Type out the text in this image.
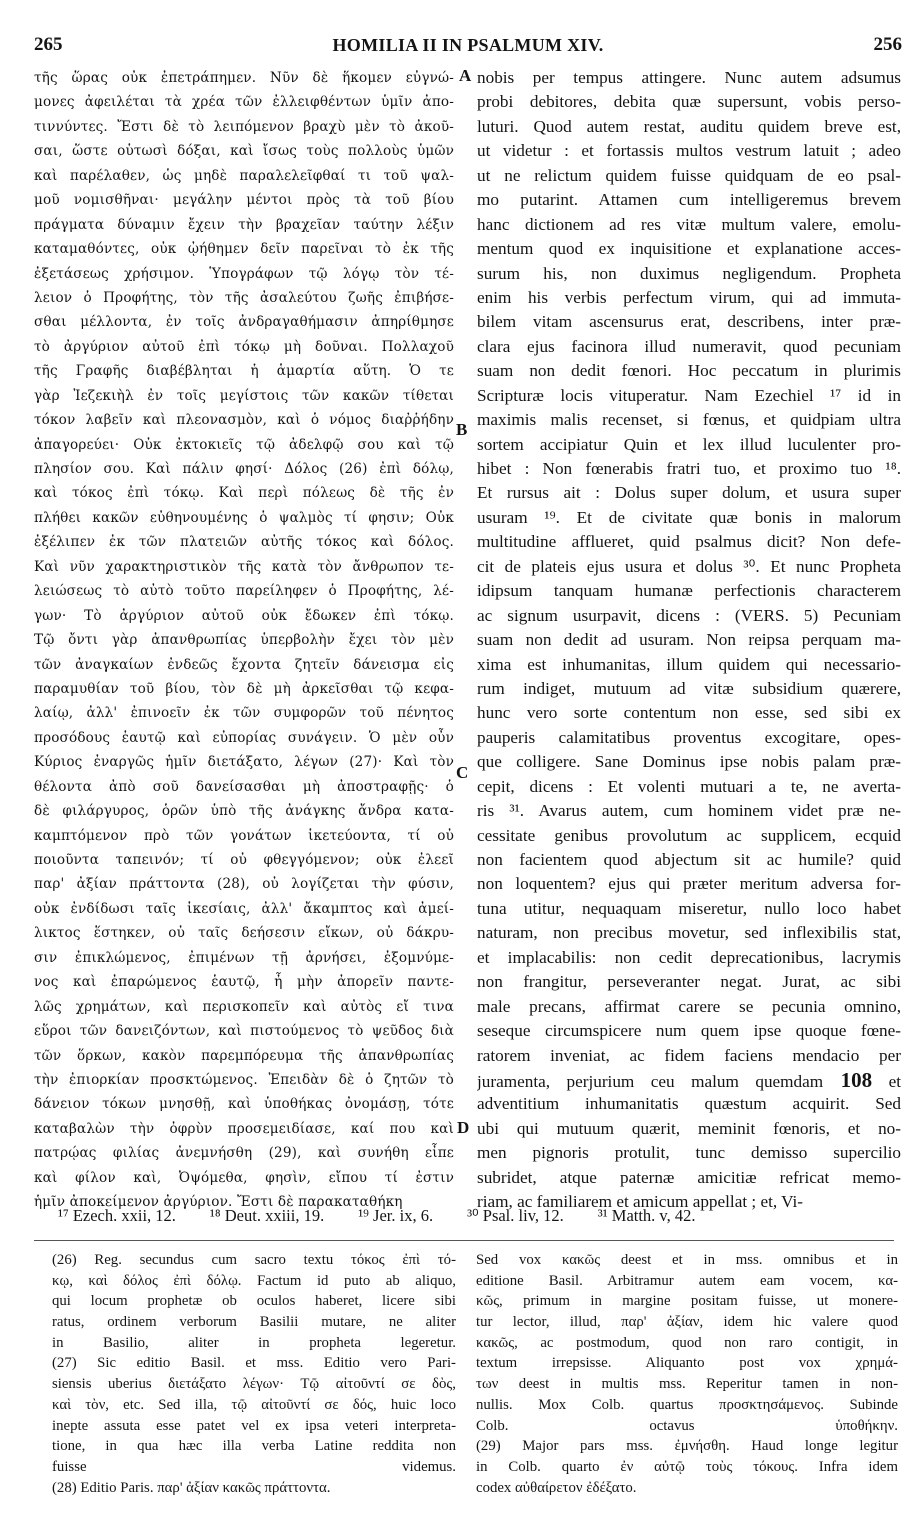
265	HOMILIA II IN PSALMUM XIV.	256
τῆς ὥρας οὐκ ἐπετράπημεν. Νῦν δὲ ἥκομεν εὐγνώ-
μονες ἀφειλέται τὰ χρέα τῶν ἐλλειφθέντων ὑμῖν ἀπο-
τιννύντες. Ἔστι δὲ τὸ λειπόμενον βραχὺ μὲν τὸ ἀκοῦ-
σαι, ὥστε οὑτωσὶ δόξαι, καὶ ἴσως τοὺς πολλοὺς ὑμῶν
καὶ παρέλαθεν, ὡς μηδὲ παραλελεῖφθαί τι τοῦ ψαλ-
μοῦ νομισθῆναι· μεγάλην μέντοι πρὸς τὰ τοῦ βίου
πράγματα δύναμιν ἔχειν τὴν βραχεῖαν ταύτην λέξιν
καταμαθόντες, οὐκ ᾠήθημεν δεῖν παρεῖναι τὸ ἐκ τῆς
ἐξετάσεως χρήσιμον. Ὑπογράφων τῷ λόγῳ τὸν τέ-
λειον ὁ Προφήτης, τὸν τῆς ἀσαλεύτου ζωῆς ἐπιβήσε-
σθαι μέλλοντα, ἐν τοῖς ἀνδραγαθήμασιν ἀπηρίθμησε
τὸ ἀργύριον αὐτοῦ ἐπὶ τόκῳ μὴ δοῦναι. Πολλαχοῦ
τῆς Γραφῆς διαβέβληται ἡ ἁμαρτία αὕτη. Ὁ τε
γὰρ Ἰεζεκιὴλ ἐν τοῖς μεγίστοις τῶν κακῶν τίθεται
τόκον λαβεῖν καὶ πλεονασμὸν, καὶ ὁ νόμος διαῤῥήδην
ἀπαγορεύει· Οὐκ ἐκτοκιεῖς τῷ ἀδελφῷ σου καὶ τῷ
πλησίον σου. Καὶ πάλιν φησί· Δόλος (26) ἐπὶ δόλῳ,
καὶ τόκος ἐπὶ τόκῳ. Καὶ περὶ πόλεως δὲ τῆς ἐν
πλήθει κακῶν εὐθηνουμένης ὁ ψαλμὸς τί φησιν; Οὐκ
ἐξέλιπεν ἐκ τῶν πλατειῶν αὐτῆς τόκος καὶ δόλος.
Καὶ νῦν χαρακτηριστικὸν τῆς κατὰ τὸν ἄνθρωπον τε-
λειώσεως τὸ αὐτὸ τοῦτο παρείληφεν ὁ Προφήτης, λέ-
γων· Τὸ ἀργύριον αὐτοῦ οὐκ ἔδωκεν ἐπὶ τόκῳ.
Τῷ ὄντι γὰρ ἀπανθρωπίας ὑπερβολὴν ἔχει τὸν μὲν
τῶν ἀναγκαίων ἐνδεῶς ἔχοντα ζητεῖν δάνεισμα εἰς
παραμυθίαν τοῦ βίου, τὸν δὲ μὴ ἀρκεῖσθαι τῷ κεφα-
λαίῳ, ἀλλ' ἐπινοεῖν ἐκ τῶν συμφορῶν τοῦ πένητος
προσόδους ἑαυτῷ καὶ εὐπορίας συνάγειν. Ὁ μὲν οὖν
Κύριος ἐναργῶς ἡμῖν διετάξατο, λέγων (27)· Καὶ τὸν
θέλοντα ἀπὸ σοῦ δανείσασθαι μὴ ἀποστραφῇς· ὁ
δὲ φιλάργυρος, ὁρῶν ὑπὸ τῆς ἀνάγκης ἄνδρα κατα-
καμπτόμενον πρὸ τῶν γονάτων ἱκετεύοντα, τί οὐ
ποιοῦντα ταπεινόν; τί οὐ φθεγγόμενον; οὐκ ἐλεεῖ
παρ' ἀξίαν πράττοντα (28), οὐ λογίζεται τὴν φύσιν,
οὐκ ἐνδίδωσι ταῖς ἱκεσίαις, ἀλλ' ἄκαμπτος καὶ ἀμεί-
λικτος ἕστηκεν, οὐ ταῖς δεήσεσιν εἴκων, οὐ δάκρυ-
σιν ἐπικλώμενος, ἐπιμένων τῇ ἀρνήσει, ἐξομνύμε-
νος καὶ ἐπαρώμενος ἑαυτῷ, ἦ μὴν ἀπορεῖν παντε-
λῶς χρημάτων, καὶ περισκοπεῖν καὶ αὐτὸς εἴ τινα
εὕροι τῶν δανειζόντων, καὶ πιστούμενος τὸ ψεῦδος διὰ
τῶν ὅρκων, κακὸν παρεμπόρευμα τῆς ἀπανθρωπίας
τὴν ἐπιορκίαν προσκτώμενος. Ἐπειδὰν δὲ ὁ ζητῶν τὸ
δάνειον τόκων μνησθῇ, καὶ ὑποθήκας ὀνομάσῃ, τότε
καταβαλὼν τὴν ὀφρὺν προσεμειδίασε, καί που καὶ
πατρῴας φιλίας ἀνεμνήσθη (29), καὶ συνήθη εἶπε
καὶ φίλον καὶ, Ὀψόμεθα, φησὶν, εἴπου τί ἐστιν
ἡμῖν ἀποκείμενον ἀργύριον. Ἔστι δὲ παρακαταθήκη
nobis per tempus attingere. Nunc autem adsumus
probi debitores, debita quæ supersunt, vobis perso-
luturi. Quod autem restat, auditu quidem breve est,
ut videtur : et fortassis multos vestrum latuit ; adeo
ut ne relictum quidem fuisse quidquam de eo psal-
mo putarint. Attamen cum intelligeremus brevem
hanc dictionem ad res vitæ multum valere, emolu-
mentum quod ex inquisitione et explanatione acces-
surum his, non duximus negligendum. Propheta
enim his verbis perfectum virum, qui ad immuta-
bilem vitam ascensurus erat, describens, inter præ-
clara ejus facinora illud numeravit, quod pecuniam
suam non dedit fœnori. Hoc peccatum in plurimis
Scripturæ locis vituperatur. Nam Ezechiel ¹⁷ id in
maximis malis recenset, si fœnus, et quidpiam ultra
sortem accipiatur Quin et lex illud luculenter pro-
hibet : Non fœnerabis fratri tuo, et proximo tuo ¹⁸.
Et rursus ait : Dolus super dolum, et usura super
usuram ¹⁹. Et de civitate quæ bonis in malorum
multitudine afflueret, quid psalmus dicit? Non defe-
cit de plateis ejus usura et dolus ³⁰. Et nunc Propheta
idipsum tanquam humanæ perfectionis characterem
ac signum usurpavit, dicens : (VERS. 5) Pecuniam
suam non dedit ad usuram. Non reipsa perquam ma-
xima est inhumanitas, illum quidem qui necessario-
rum indiget, mutuum ad vitæ subsidium quærere,
hunc vero sorte contentum non esse, sed sibi ex
pauperis calamitatibus proventus excogitare, opes-
que colligere. Sane Dominus ipse nobis palam præ-
cepit, dicens : Et volenti mutuari a te, ne averta-
ris ³¹. Avarus autem, cum hominem videt præ ne-
cessitate genibus provolutum ac supplicem, ecquid
non facientem quod abjectum sit ac humile? quid
non loquentem? ejus qui præter meritum adversa for-
tuna utitur, nequaquam miseretur, nullo loco habet
naturam, non precibus movetur, sed inflexibilis stat,
et implacabilis: non cedit deprecationibus, lacrymis
non frangitur, perseveranter negat. Jurat, ac sibi
male precans, affirmat carere se pecunia omnino,
seseque circumspicere num quem ipse quoque fœne-
ratorem inveniat, ac fidem faciens mendacio per
juramenta, perjurium ceu malum quemdam 108 et
adventitium inhumanitatis quæstum acquirit. Sed
ubi qui mutuum quærit, meminit fœnoris, et no-
men pignoris protulit, tunc demisso supercilio
subridet, atque paternæ amicitiæ refricat memo-
riam, ac familiarem et amicum appellat ; et, Vi-
A
B
C
D
¹⁷ Ezech. xxii, 12. ¹⁸ Deut. xxiii, 19. ¹⁹ Jer. ix, 6. ³⁰ Psal. liv, 12. ³¹ Matth. v, 42.
(26) Reg. secundus cum sacro textu τόκος ἐπὶ τό-
κῳ, καὶ δόλος ἐπὶ δόλῳ. Factum id puto ab aliquo,
qui locum prophetæ ob oculos haberet, licere sibi
ratus, ordinem verborum Basilii mutare, ne aliter
in Basilio, aliter in propheta legeretur.
(27) Sic editio Basil. et mss. Editio vero Pari-
siensis uberius διετάξατο λέγων· Τῷ αἰτοῦντί σε δὸς,
καὶ τὸν, etc. Sed illa, τῷ αἰτοῦντί σε δός, huic loco
inepte assuta esse patet vel ex ipsa veteri interpreta-
tione, in qua hæc illa verba Latine reddita non
fuisse videmus.
(28) Editio Paris. παρ' ἀξίαν κακῶς πράττοντα.
Sed vox κακῶς deest et in mss. omnibus et in
editione Basil. Arbitramur autem eam vocem, κα-
κῶς, primum in margine positam fuisse, ut monere-
tur lector, illud, παρ' ἀξίαν, idem hic valere quod
κακῶς, ac postmodum, quod non raro contigit, in
textum irrepsisse. Aliquanto post vox χρημά-
των deest in multis mss. Reperitur tamen in non-
nullis. Mox Colb. quartus προσκτησάμενος. Subinde
Colb. octavus ὑποθήκην.
(29) Major pars mss. ἐμνήσθη. Haud longe legitur
in Colb. quarto ἐν αὐτῷ τοὺς τόκους. Infra idem
codex αὐθαίρετον ἐδέξατο.
